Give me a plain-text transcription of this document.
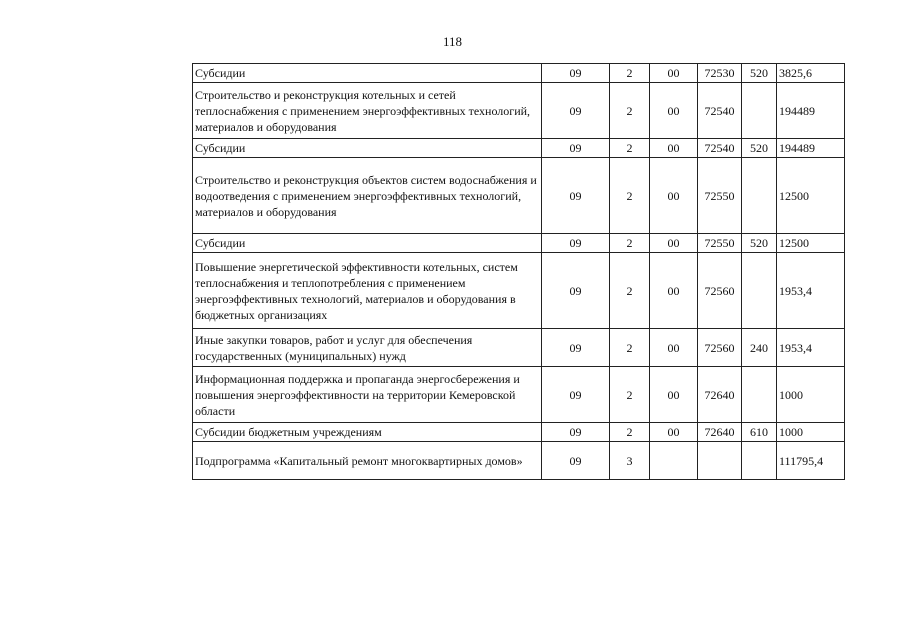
118
Субсидии	09	2	00	72530	520	3825,6
Строительство и реконструкция котельных и сетей теплоснабжения с применением энергоэффективных технологий, материалов и оборудования	09	2	00	72540		194489
Субсидии	09	2	00	72540	520	194489
Строительство и реконструкция объектов систем водоснабжения и водоотведения с применением энергоэффективных технологий, материалов и оборудования	09	2	00	72550		12500
Субсидии	09	2	00	72550	520	12500
Повышение энергетической эффективности котельных, систем теплоснабжения и теплопотребления с применением энергоэффективных технологий, материалов и оборудования в бюджетных организациях	09	2	00	72560		1953,4
Иные закупки товаров, работ и услуг для обеспечения государственных (муниципальных) нужд	09	2	00	72560	240	1953,4
Информационная поддержка и пропаганда энергосбережения и повышения энергоэффективности на территории Кемеровской области	09	2	00	72640		1000
Субсидии бюджетным учреждениям	09	2	00	72640	610	1000
Подпрограмма «Капитальный ремонт многоквартирных домов»	09	3				111795,4
